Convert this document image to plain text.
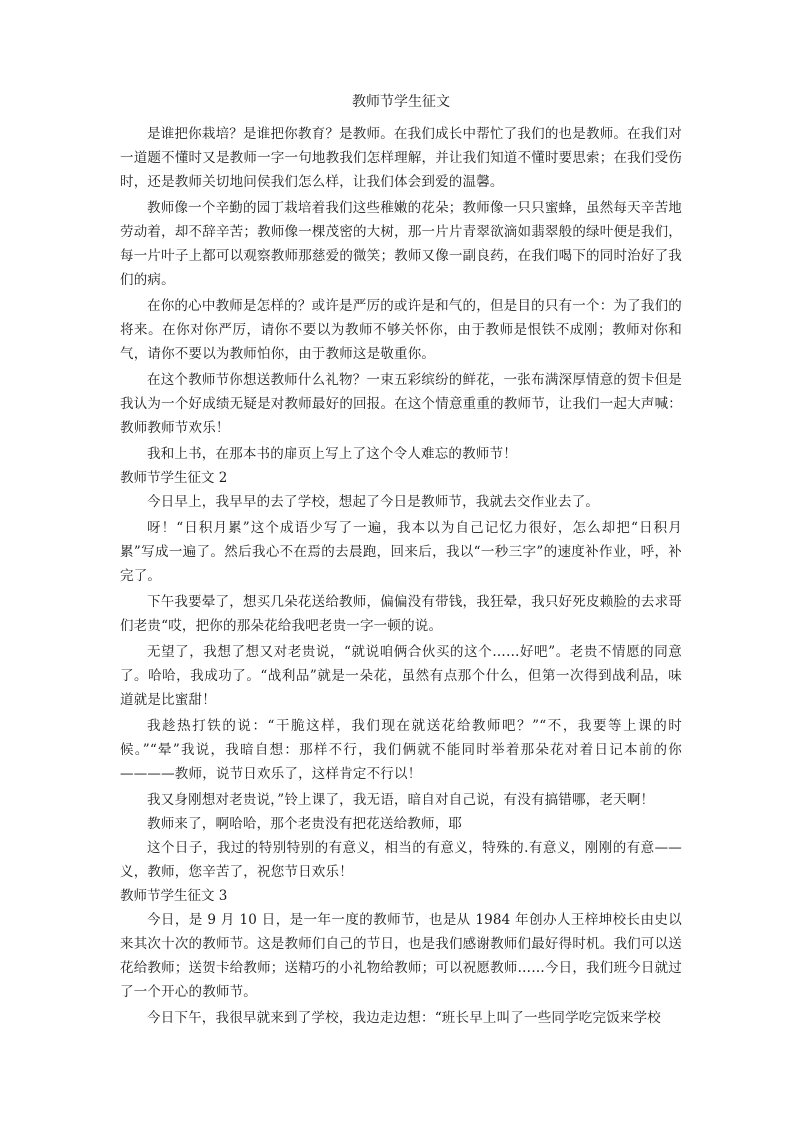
教师节学生征文

是谁把你栽培？是谁把你教育？是教师。在我们成长中帮忙了我们的也是教师。在我们对一道题不懂时又是教师一字一句地教我们怎样理解，并让我们知道不懂时要思索；在我们受伤时，还是教师关切地问侯我们怎么样，让我们体会到爱的温馨。

教师像一个辛勤的园丁栽培着我们这些稚嫩的花朵；教师像一只只蜜蜂，虽然每天辛苦地劳动着，却不辞辛苦；教师像一棵茂密的大树，那一片片青翠欲滴如翡翠般的绿叶便是我们，每一片叶子上都可以观察教师那慈爱的微笑；教师又像一副良药，在我们喝下的同时治好了我们的病。

在你的心中教师是怎样的？或许是严厉的或许是和气的，但是目的只有一个：为了我们的将来。在你对你严厉，请你不要以为教师不够关怀你，由于教师是恨铁不成刚；教师对你和气，请你不要以为教师怕你，由于教师这是敬重你。

在这个教师节你想送教师什么礼物？一束五彩缤纷的鲜花，一张布满深厚情意的贺卡但是我认为一个好成绩无疑是对教师最好的回报。在这个情意重重的教师节，让我们一起大声喊：教师教师节欢乐！

我和上书，在那本书的扉页上写上了这个令人难忘的教师节！

教师节学生征文 2

今日早上，我早早的去了学校，想起了今日是教师节，我就去交作业去了。

呀！“日积月累”这个成语少写了一遍，我本以为自己记忆力很好，怎么却把“日积月累”写成一遍了。然后我心不在焉的去晨跑，回来后，我以“一秒三字”的速度补作业，呼，补完了。

下午我要晕了，想买几朵花送给教师，偏偏没有带钱，我狂晕，我只好死皮赖脸的去求哥们老贵“哎，把你的那朵花给我吧老贵一字一顿的说。

无望了，我想了想又对老贵说，“就说咱俩合伙买的这个……好吧”。老贵不情愿的同意了。哈哈，我成功了。“战利品”就是一朵花，虽然有点那个什么，但第一次得到战利品，味道就是比蜜甜！

我趁热打铁的说：“干脆这样，我们现在就送花给教师吧？”“不，我要等上课的时候。”“晕”我说，我暗自想：那样不行，我们俩就不能同时举着那朵花对着日记本前的你————教师，说节日欢乐了，这样肯定不行以！

我又身刚想对老贵说，”铃上课了，我无语，暗自对自己说，有没有搞错哪，老天啊！

教师来了，啊哈哈，那个老贵没有把花送给教师，耶

这个日子，我过的特别特别的有意义，相当的有意义，特殊的.有意义，刚刚的有意——义，教师，您辛苦了，祝您节日欢乐！

教师节学生征文 3

今日，是 9 月 10 日，是一年一度的教师节，也是从 1984 年创办人王梓坤校长由史以来其次十次的教师节。这是教师们自己的节日，也是我们感谢教师们最好得时机。我们可以送花给教师；送贺卡给教师；送精巧的小礼物给教师；可以祝愿教师……今日，我们班今日就过了一个开心的教师节。

今日下午，我很早就来到了学校，我边走边想：“班长早上叫了一些同学吃完饭来学校
